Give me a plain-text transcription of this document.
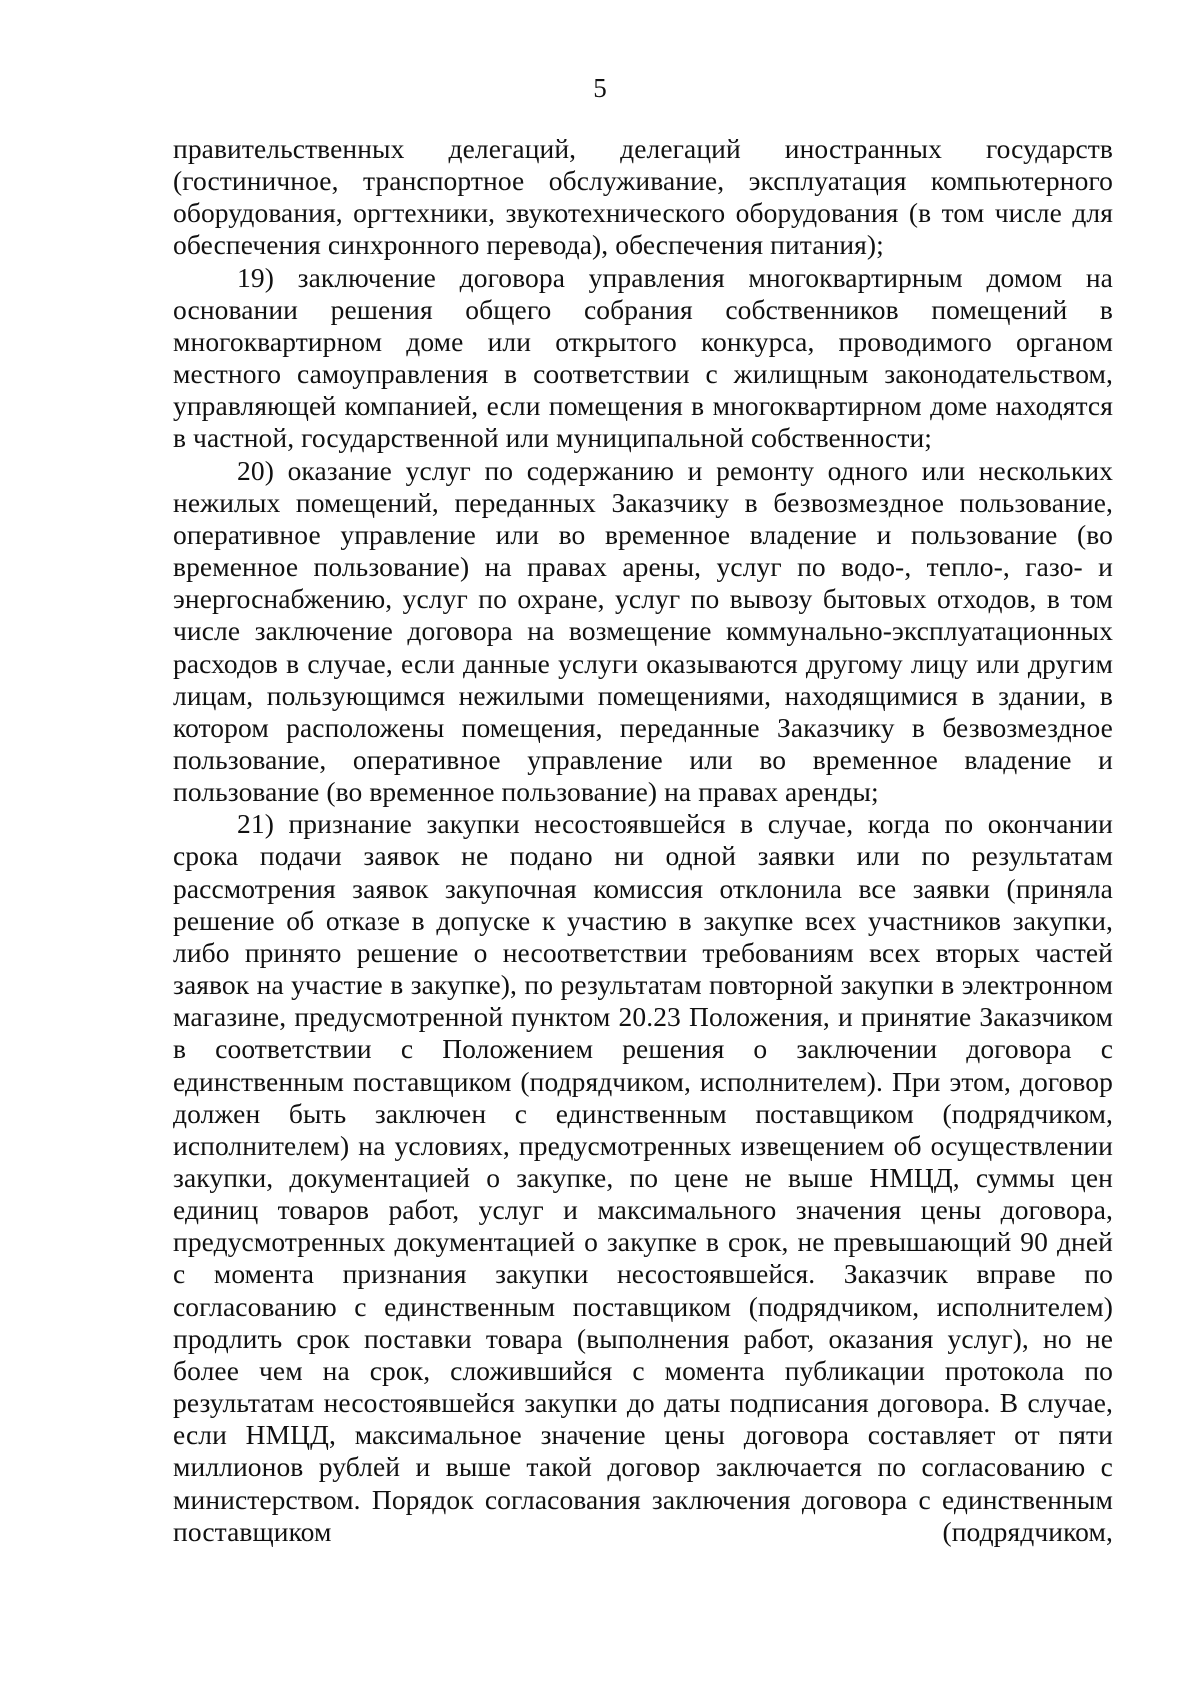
5

правительственных делегаций, делегаций иностранных государств (гостиничное, транспортное обслуживание, эксплуатация компьютерного оборудования, оргтехники, звукотехнического оборудования (в том числе для обеспечения синхронного перевода), обеспечения питания);

19) заключение договора управления многоквартирным домом на основании решения общего собрания собственников помещений в многоквартирном доме или открытого конкурса, проводимого органом местного самоуправления в соответствии с жилищным законодательством, управляющей компанией, если помещения в многоквартирном доме находятся в частной, государственной или муниципальной собственности;

20) оказание услуг по содержанию и ремонту одного или нескольких нежилых помещений, переданных Заказчику в безвозмездное пользование, оперативное управление или во временное владение и пользование (во временное пользование) на правах арены, услуг по водо-, тепло-, газо- и энергоснабжению, услуг по охране, услуг по вывозу бытовых отходов, в том числе заключение договора на возмещение коммунально-эксплуатационных расходов в случае, если данные услуги оказываются другому лицу или другим лицам, пользующимся нежилыми помещениями, находящимися в здании, в котором расположены помещения, переданные Заказчику в безвозмездное пользование, оперативное управление или во временное владение и пользование (во временное пользование) на правах аренды;

21) признание закупки несостоявшейся в случае, когда по окончании срока подачи заявок не подано ни одной заявки или по результатам рассмотрения заявок закупочная комиссия отклонила все заявки (приняла решение об отказе в допуске к участию в закупке всех участников закупки, либо принято решение о несоответствии требованиям всех вторых частей заявок на участие в закупке), по результатам повторной закупки в электронном магазине, предусмотренной пунктом 20.23 Положения, и принятие Заказчиком в соответствии с Положением решения о заключении договора с единственным поставщиком (подрядчиком, исполнителем). При этом, договор должен быть заключен с единственным поставщиком (подрядчиком, исполнителем) на условиях, предусмотренных извещением об осуществлении закупки, документацией о закупке, по цене не выше НМЦД, суммы цен единиц товаров работ, услуг и максимального значения цены договора, предусмотренных документацией о закупке в срок, не превышающий 90 дней с момента признания закупки несостоявшейся. Заказчик вправе по согласованию с единственным поставщиком (подрядчиком, исполнителем) продлить срок поставки товара (выполнения работ, оказания услуг), но не более чем на срок, сложившийся с момента публикации протокола по результатам несостоявшейся закупки до даты подписания договора. В случае, если НМЦД, максимальное значение цены договора составляет от пяти миллионов рублей и выше такой договор заключается по согласованию с министерством. Порядок согласования заключения договора с единственным поставщиком (подрядчиком,
